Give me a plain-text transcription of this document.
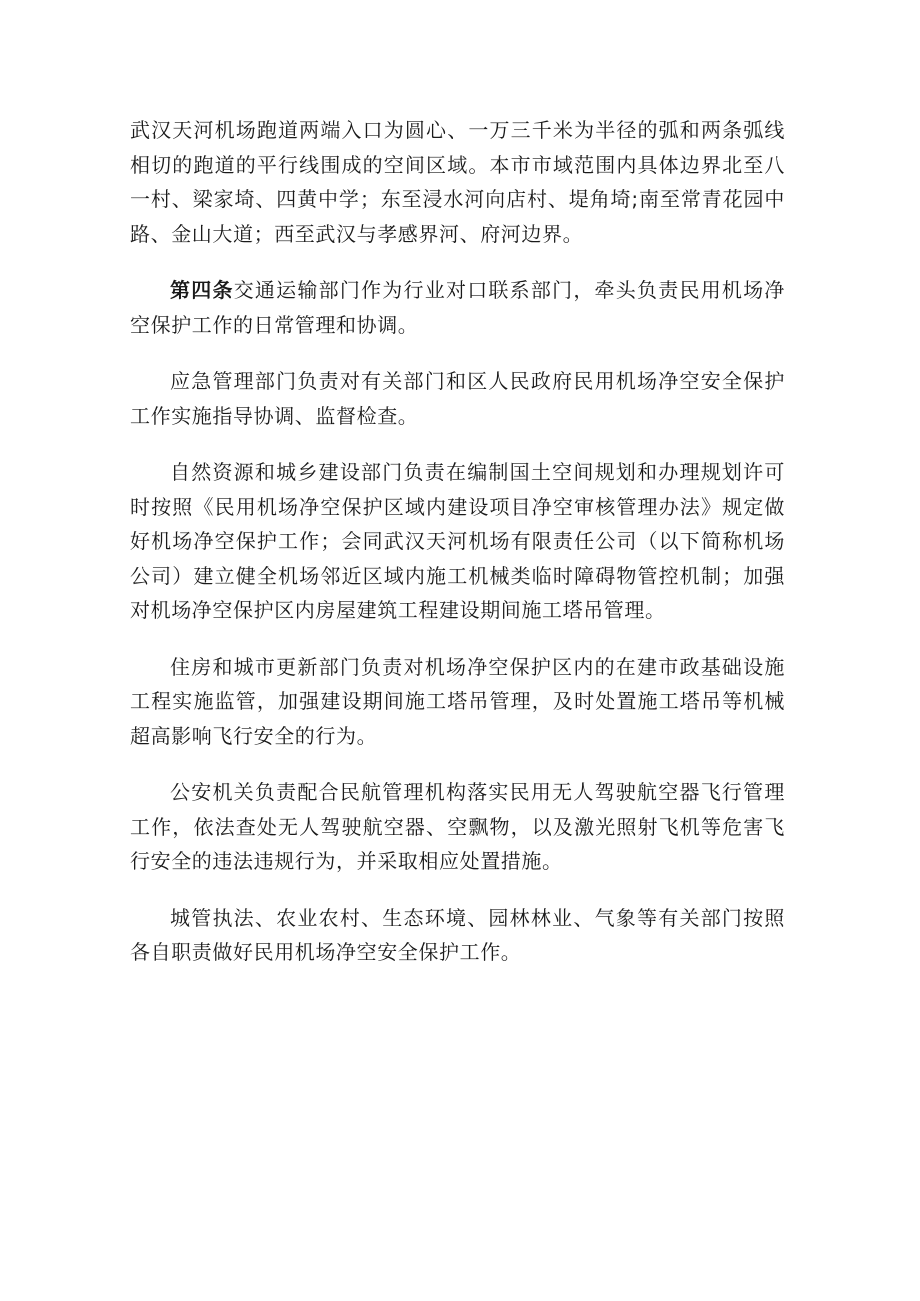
武汉天河机场跑道两端入口为圆心、一万三千米为半径的弧和两条弧线相切的跑道的平行线围成的空间区域。本市市域范围内具体边界北至八一村、梁家埼、四黄中学；东至浸水河向店村、堤角埼;南至常青花园中路、金山大道；西至武汉与孝感界河、府河边界。

第四条交通运输部门作为行业对口联系部门，牵头负责民用机场净空保护工作的日常管理和协调。

应急管理部门负责对有关部门和区人民政府民用机场净空安全保护工作实施指导协调、监督检查。

自然资源和城乡建设部门负责在编制国土空间规划和办理规划许可时按照《民用机场净空保护区域内建设项目净空审核管理办法》规定做好机场净空保护工作；会同武汉天河机场有限责任公司（以下简称机场公司）建立健全机场邻近区域内施工机械类临时障碍物管控机制；加强对机场净空保护区内房屋建筑工程建设期间施工塔吊管理。

住房和城市更新部门负责对机场净空保护区内的在建市政基础设施工程实施监管，加强建设期间施工塔吊管理，及时处置施工塔吊等机械超高影响飞行安全的行为。

公安机关负责配合民航管理机构落实民用无人驾驶航空器飞行管理工作，依法查处无人驾驶航空器、空飘物，以及激光照射飞机等危害飞行安全的违法违规行为，并采取相应处置措施。

城管执法、农业农村、生态环境、园林林业、气象等有关部门按照各自职责做好民用机场净空安全保护工作。
